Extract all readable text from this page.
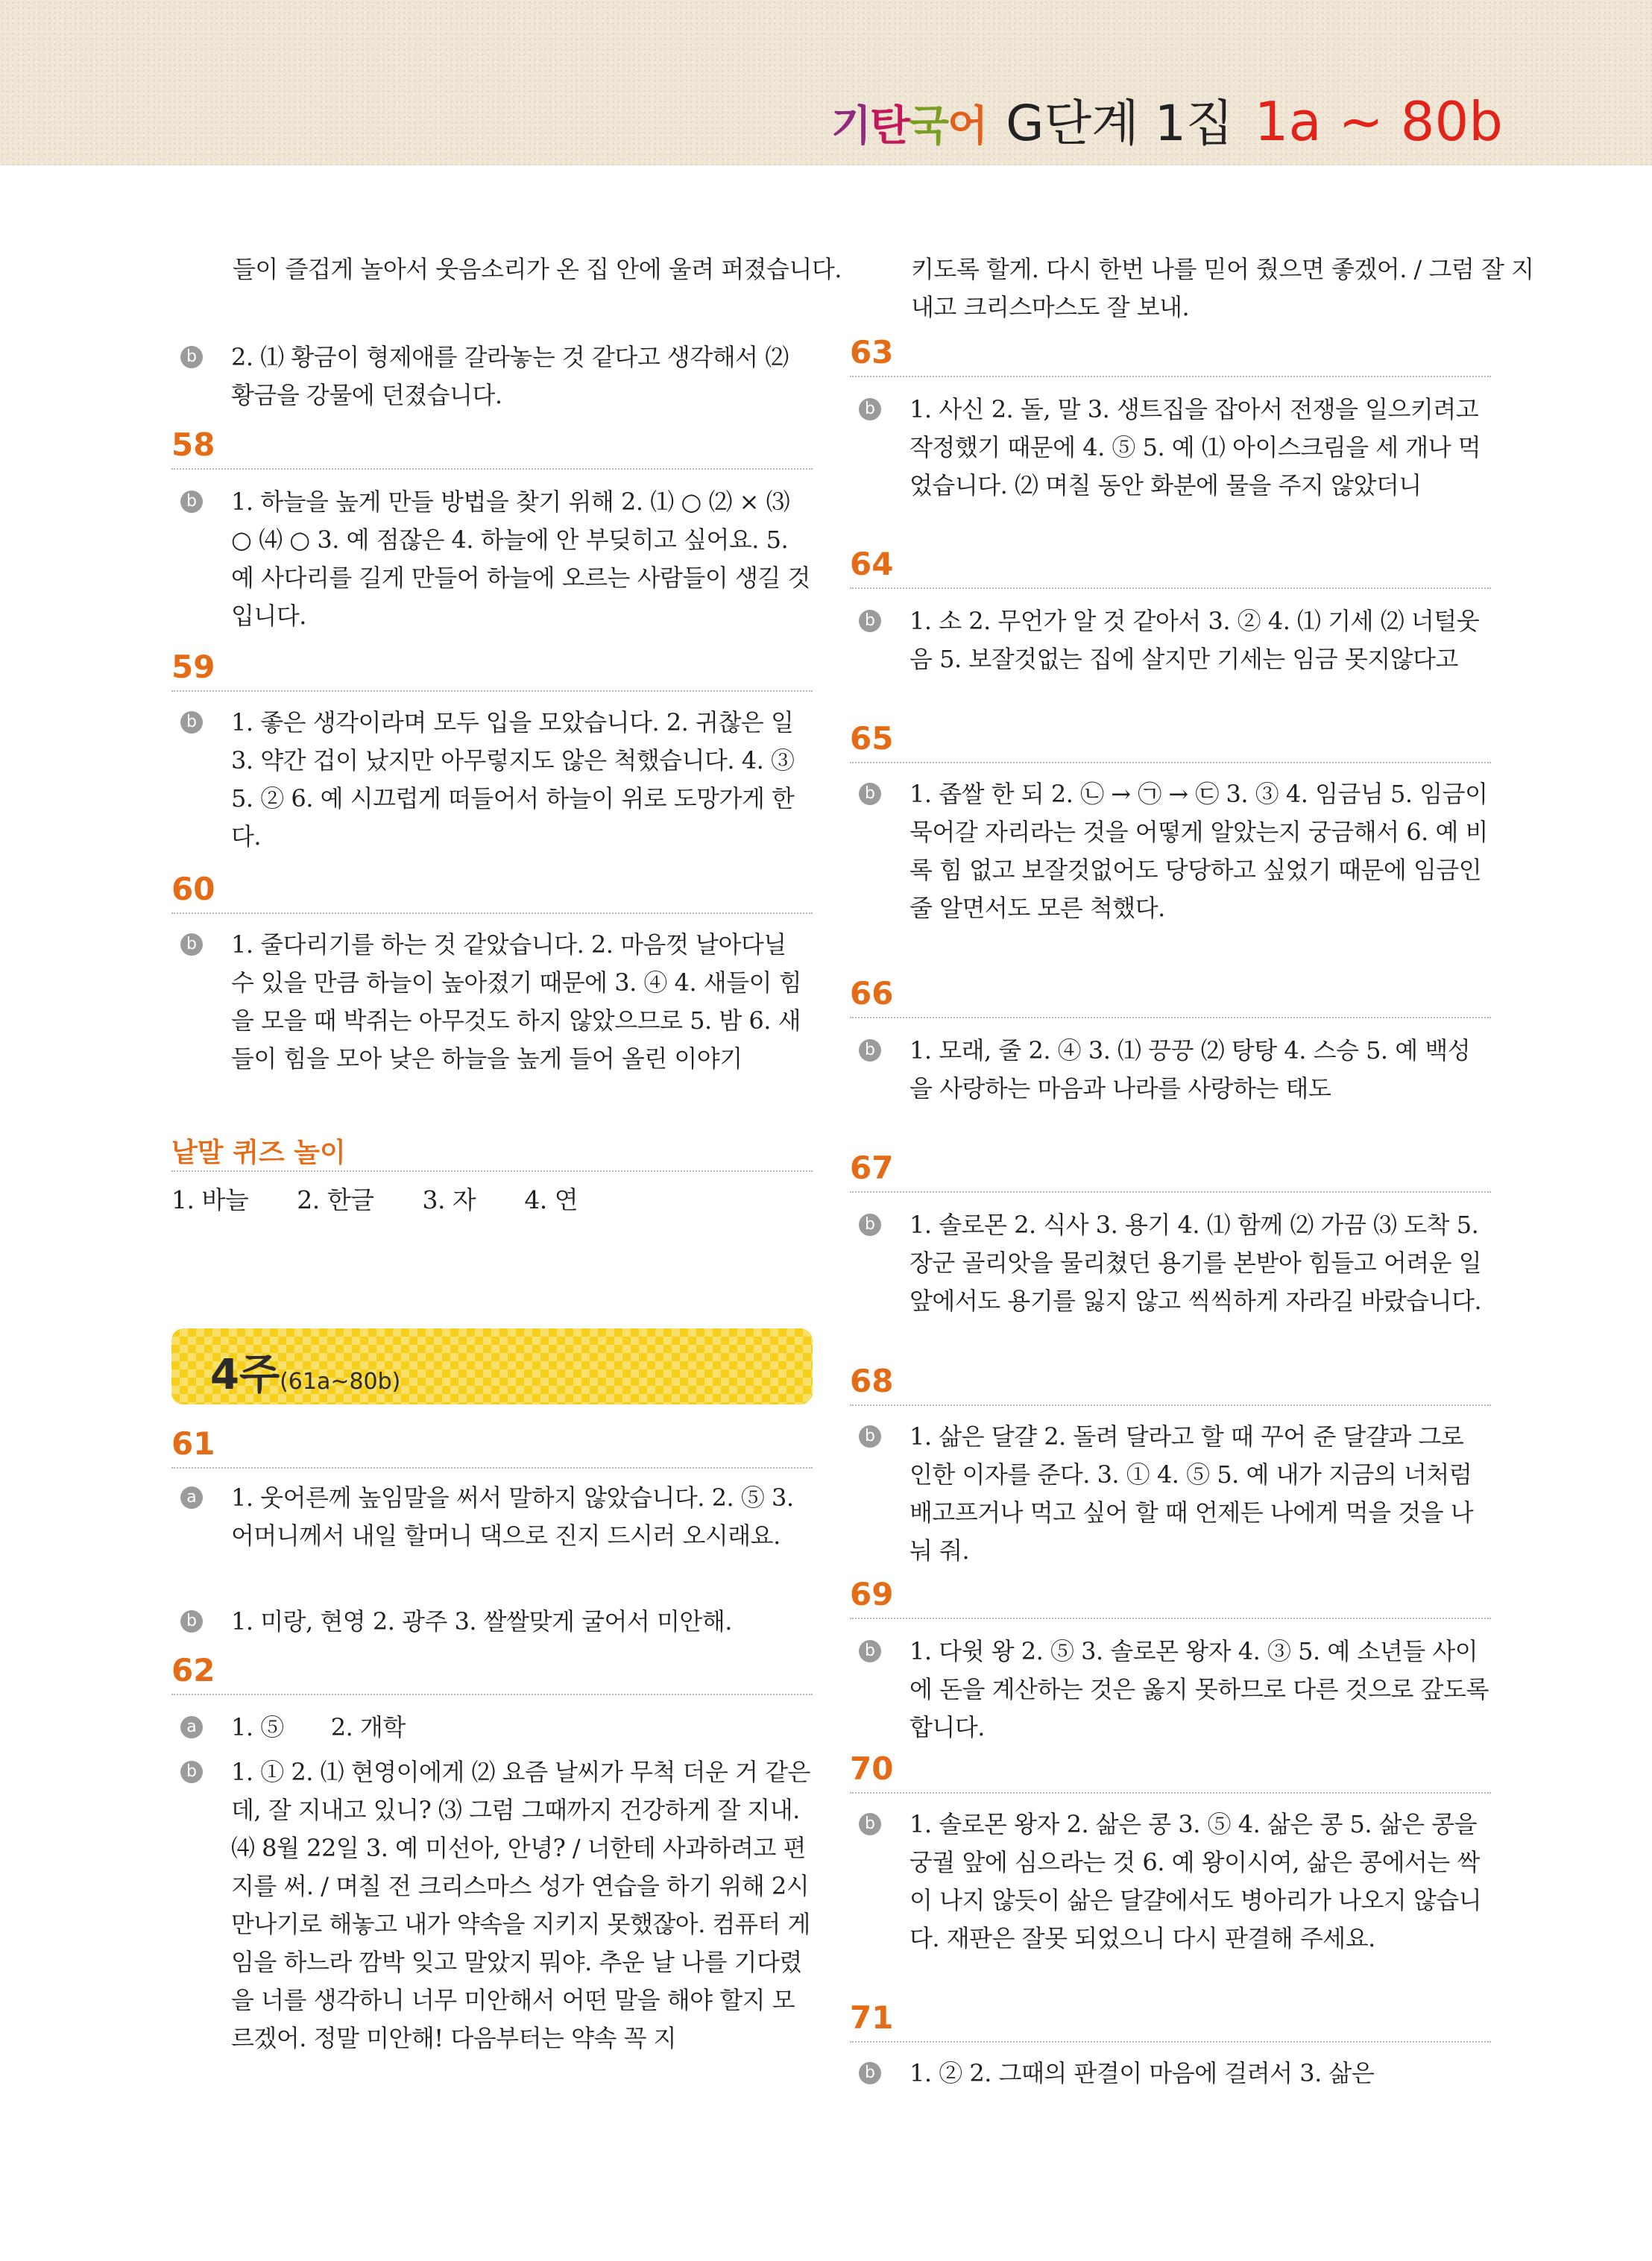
기탄국어 G단계 1집 1a ~ 80b
들이 즐겁게 놀아서 웃음소리가 온 집 안에 울려 퍼졌습니다.
b	2. ⑴ 황금이 형제애를 갈라놓는 것 같다고 생각해서 ⑵ 황금을 강물에 던졌습니다.
58
b	1. 하늘을 높게 만들 방법을 찾기 위해 2. ⑴ ○ ⑵ × ⑶ ○ ⑷ ○ 3. 예 점잖은 4. 하늘에 안 부딪히고 싶어요. 5. 예 사다리를 길게 만들어 하늘에 오르는 사람들이 생길 것입니다.
59
b	1. 좋은 생각이라며 모두 입을 모았습니다. 2. 귀찮은 일 3. 약간 겁이 났지만 아무렇지도 않은 척했습니다. 4. ③ 5. ② 6. 예 시끄럽게 떠들어서 하늘이 위로 도망가게 한다.
60
b	1. 줄다리기를 하는 것 같았습니다. 2. 마음껏 날아다닐 수 있을 만큼 하늘이 높아졌기 때문에 3. ④ 4. 새들이 힘을 모을 때 박쥐는 아무것도 하지 않았으므로 5. 밤 6. 새들이 힘을 모아 낮은 하늘을 높게 들어 올린 이야기
낱말 퀴즈 놀이
1. 바늘　　2. 한글　　3. 자　　4. 연
4주(61a~80b)
61
a	1. 웃어른께 높임말을 써서 말하지 않았습니다. 2. ⑤ 3. 어머니께서 내일 할머니 댁으로 진지 드시러 오시래요.
b	1. 미랑, 현영 2. 광주 3. 쌀쌀맞게 굴어서 미안해.
62
a	1. ⑤　　2. 개학
b	1. ① 2. ⑴ 현영이에게 ⑵ 요즘 날씨가 무척 더운 거 같은데, 잘 지내고 있니? ⑶ 그럼 그때까지 건강하게 잘 지내. ⑷ 8월 22일 3. 예 미선아, 안녕? / 너한테 사과하려고 편지를 써. / 며칠 전 크리스마스 성가 연습을 하기 위해 2시 만나기로 해놓고 내가 약속을 지키지 못했잖아. 컴퓨터 게임을 하느라 깜박 잊고 말았지 뭐야. 추운 날 나를 기다렸을 너를 생각하니 너무 미안해서 어떤 말을 해야 할지 모르겠어. 정말 미안해! 다음부터는 약속 꼭 지
키도록 할게. 다시 한번 나를 믿어 줬으면 좋겠어. / 그럼 잘 지내고 크리스마스도 잘 보내.
63
b	1. 사신 2. 돌, 말 3. 생트집을 잡아서 전쟁을 일으키려고 작정했기 때문에 4. ⑤ 5. 예 ⑴ 아이스크림을 세 개나 먹었습니다. ⑵ 며칠 동안 화분에 물을 주지 않았더니
64
b	1. 소 2. 무언가 알 것 같아서 3. ② 4. ⑴ 기세 ⑵ 너털웃음 5. 보잘것없는 집에 살지만 기세는 임금 못지않다고
65
b	1. 좁쌀 한 되 2. ㉡ → ㉠ → ㉢ 3. ③ 4. 임금님 5. 임금이 묵어갈 자리라는 것을 어떻게 알았는지 궁금해서 6. 예 비록 힘 없고 보잘것없어도 당당하고 싶었기 때문에 임금인 줄 알면서도 모른 척했다.
66
b	1. 모래, 줄 2. ④ 3. ⑴ 끙끙 ⑵ 탕탕 4. 스승 5. 예 백성을 사랑하는 마음과 나라를 사랑하는 태도
67
b	1. 솔로몬 2. 식사 3. 용기 4. ⑴ 함께 ⑵ 가끔 ⑶ 도착 5. 장군 골리앗을 물리쳤던 용기를 본받아 힘들고 어려운 일 앞에서도 용기를 잃지 않고 씩씩하게 자라길 바랐습니다.
68
b	1. 삶은 달걀 2. 돌려 달라고 할 때 꾸어 준 달걀과 그로 인한 이자를 준다. 3. ① 4. ⑤ 5. 예 내가 지금의 너처럼 배고프거나 먹고 싶어 할 때 언제든 나에게 먹을 것을 나눠 줘.
69
b	1. 다윗 왕 2. ⑤ 3. 솔로몬 왕자 4. ③ 5. 예 소년들 사이에 돈을 계산하는 것은 옳지 못하므로 다른 것으로 갚도록 합니다.
70
b	1. 솔로몬 왕자 2. 삶은 콩 3. ⑤ 4. 삶은 콩 5. 삶은 콩을 궁궐 앞에 심으라는 것 6. 예 왕이시여, 삶은 콩에서는 싹이 나지 않듯이 삶은 달걀에서도 병아리가 나오지 않습니다. 재판은 잘못 되었으니 다시 판결해 주세요.
71
b	1. ② 2. 그때의 판결이 마음에 걸려서 3. 삶은
